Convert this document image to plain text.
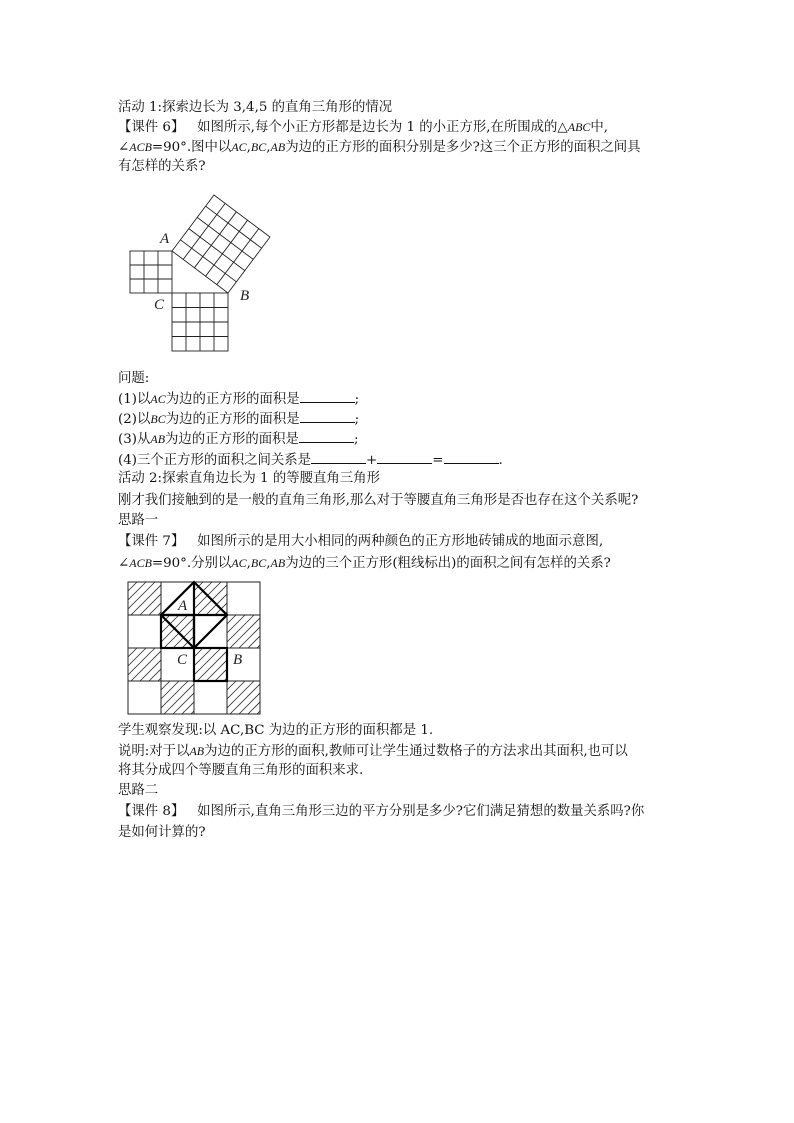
活动 1:探索边长为 3,4,5 的直角三角形的情况
【课件 6】 如图所示,每个小正方形都是边长为 1 的小正方形,在所围成的△ABC中,
∠ACB=90°.图中以AC,BC,AB为边的正方形的面积分别是多少?这三个正方形的面积之间具
有怎样的关系?
A
C
B
问题:
(1)以AC为边的正方形的面积是	;
(2)以BC为边的正方形的面积是	;
(3)从AB为边的正方形的面积是	;
(4)三个正方形的面积之间关系是	+	=	.
活动 2:探索直角边长为 1 的等腰直角三角形
刚才我们接触到的是一般的直角三角形,那么对于等腰直角三角形是否也存在这个关系呢?
思路一
【课件 7】 如图所示的是用大小相同的两种颜色的正方形地砖铺成的地面示意图,
∠ACB=90°.分别以AC,BC,AB为边的三个正方形(粗线标出)的面积之间有怎样的关系?
A
C	B
学生观察发现:以 AC,BC 为边的正方形的面积都是 1.
说明:对于以AB为边的正方形的面积,教师可让学生通过数格子的方法求出其面积,也可以
将其分成四个等腰直角三角形的面积来求.
思路二
【课件 8】 如图所示,直角三角形三边的平方分别是多少?它们满足猜想的数量关系吗?你
是如何计算的?
